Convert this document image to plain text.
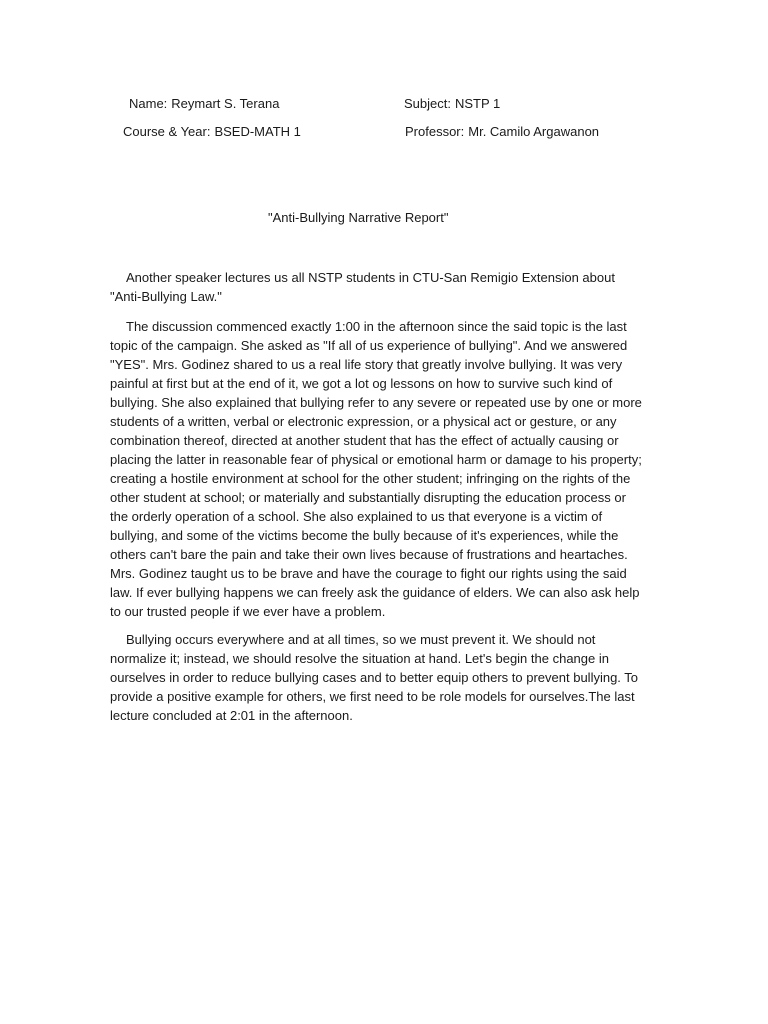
Name: Reymart S. Terana	Subject: NSTP 1
Course & Year: BSED-MATH 1	Professor: Mr. Camilo Argawanon
"Anti-Bullying Narrative Report"

Another speaker lectures us all NSTP students in CTU-San Remigio Extension about "Anti-Bullying Law."

The discussion commenced exactly 1:00 in the afternoon since the said topic is the last topic of the campaign. She asked as "If all of us experience of bullying". And we answered "YES". Mrs. Godinez shared to us a real life story that greatly involve bullying. It was very painful at first but at the end of it, we got a lot og lessons on how to survive such kind of bullying. She also explained that bullying refer to any severe or repeated use by one or more students of a written, verbal or electronic expression, or a physical act or gesture, or any combination thereof, directed at another student that has the effect of actually causing or placing the latter in reasonable fear of physical or emotional harm or damage to his property; creating a hostile environment at school for the other student; infringing on the rights of the other student at school; or materially and substantially disrupting the education process or the orderly operation of a school. She also explained to us that everyone is a victim of bullying, and some of the victims become the bully because of it's experiences, while the others can't bare the pain and take their own lives because of frustrations and heartaches. Mrs. Godinez taught us to be brave and have the courage to fight our rights using the said law. If ever bullying happens we can freely ask the guidance of elders. We can also ask help to our trusted people if we ever have a problem.

Bullying occurs everywhere and at all times, so we must prevent it. We should not normalize it; instead, we should resolve the situation at hand. Let's begin the change in ourselves in order to reduce bullying cases and to better equip others to prevent bullying. To provide a positive example for others, we first need to be role models for ourselves.The last lecture concluded at 2:01 in the afternoon.
